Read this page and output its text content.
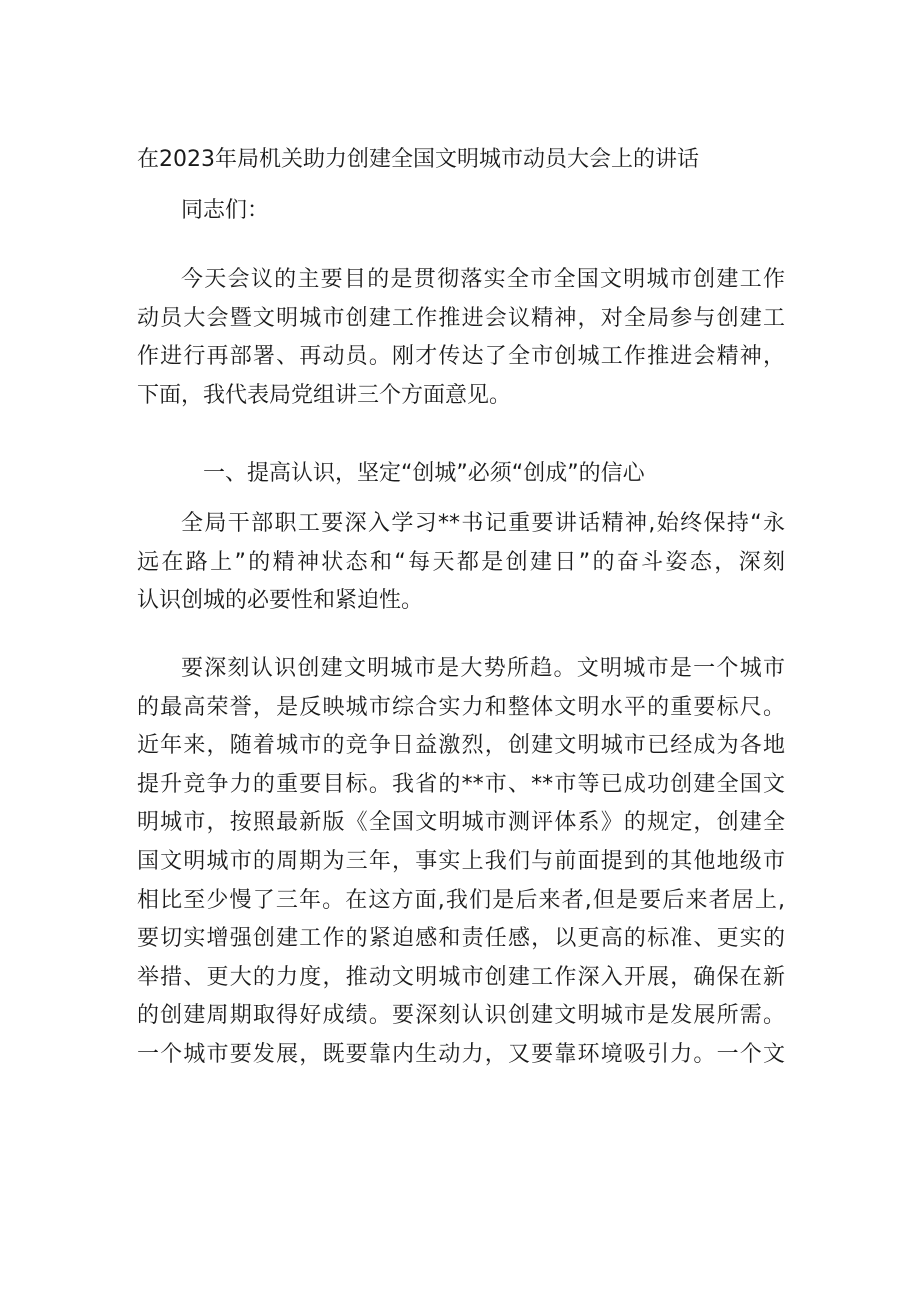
在2023年局机关助力创建全国文明城市动员大会上的讲话
同志们：
今天会议的主要目的是贯彻落实全市全国文明城市创建工作
动员大会暨文明城市创建工作推进会议精神，对全局参与创建工
作进行再部署、再动员。刚才传达了全市创城工作推进会精神，
下面，我代表局党组讲三个方面意见。
一、提高认识，坚定“创城”必须“创成”的信心
全局干部职工要深入学习**书记重要讲话精神,始终保持“永
远在路上”的精神状态和“每天都是创建日”的奋斗姿态，深刻
认识创城的必要性和紧迫性。
要深刻认识创建文明城市是大势所趋。文明城市是一个城市
的最高荣誉，是反映城市综合实力和整体文明水平的重要标尺。
近年来，随着城市的竞争日益激烈，创建文明城市已经成为各地
提升竞争力的重要目标。我省的**市、**市等已成功创建全国文
明城市，按照最新版《全国文明城市测评体系》的规定，创建全
国文明城市的周期为三年，事实上我们与前面提到的其他地级市
相比至少慢了三年。在这方面,我们是后来者,但是要后来者居上,
要切实增强创建工作的紧迫感和责任感，以更高的标准、更实的
举措、更大的力度，推动文明城市创建工作深入开展，确保在新
的创建周期取得好成绩。要深刻认识创建文明城市是发展所需。
一个城市要发展，既要靠内生动力，又要靠环境吸引力。一个文
